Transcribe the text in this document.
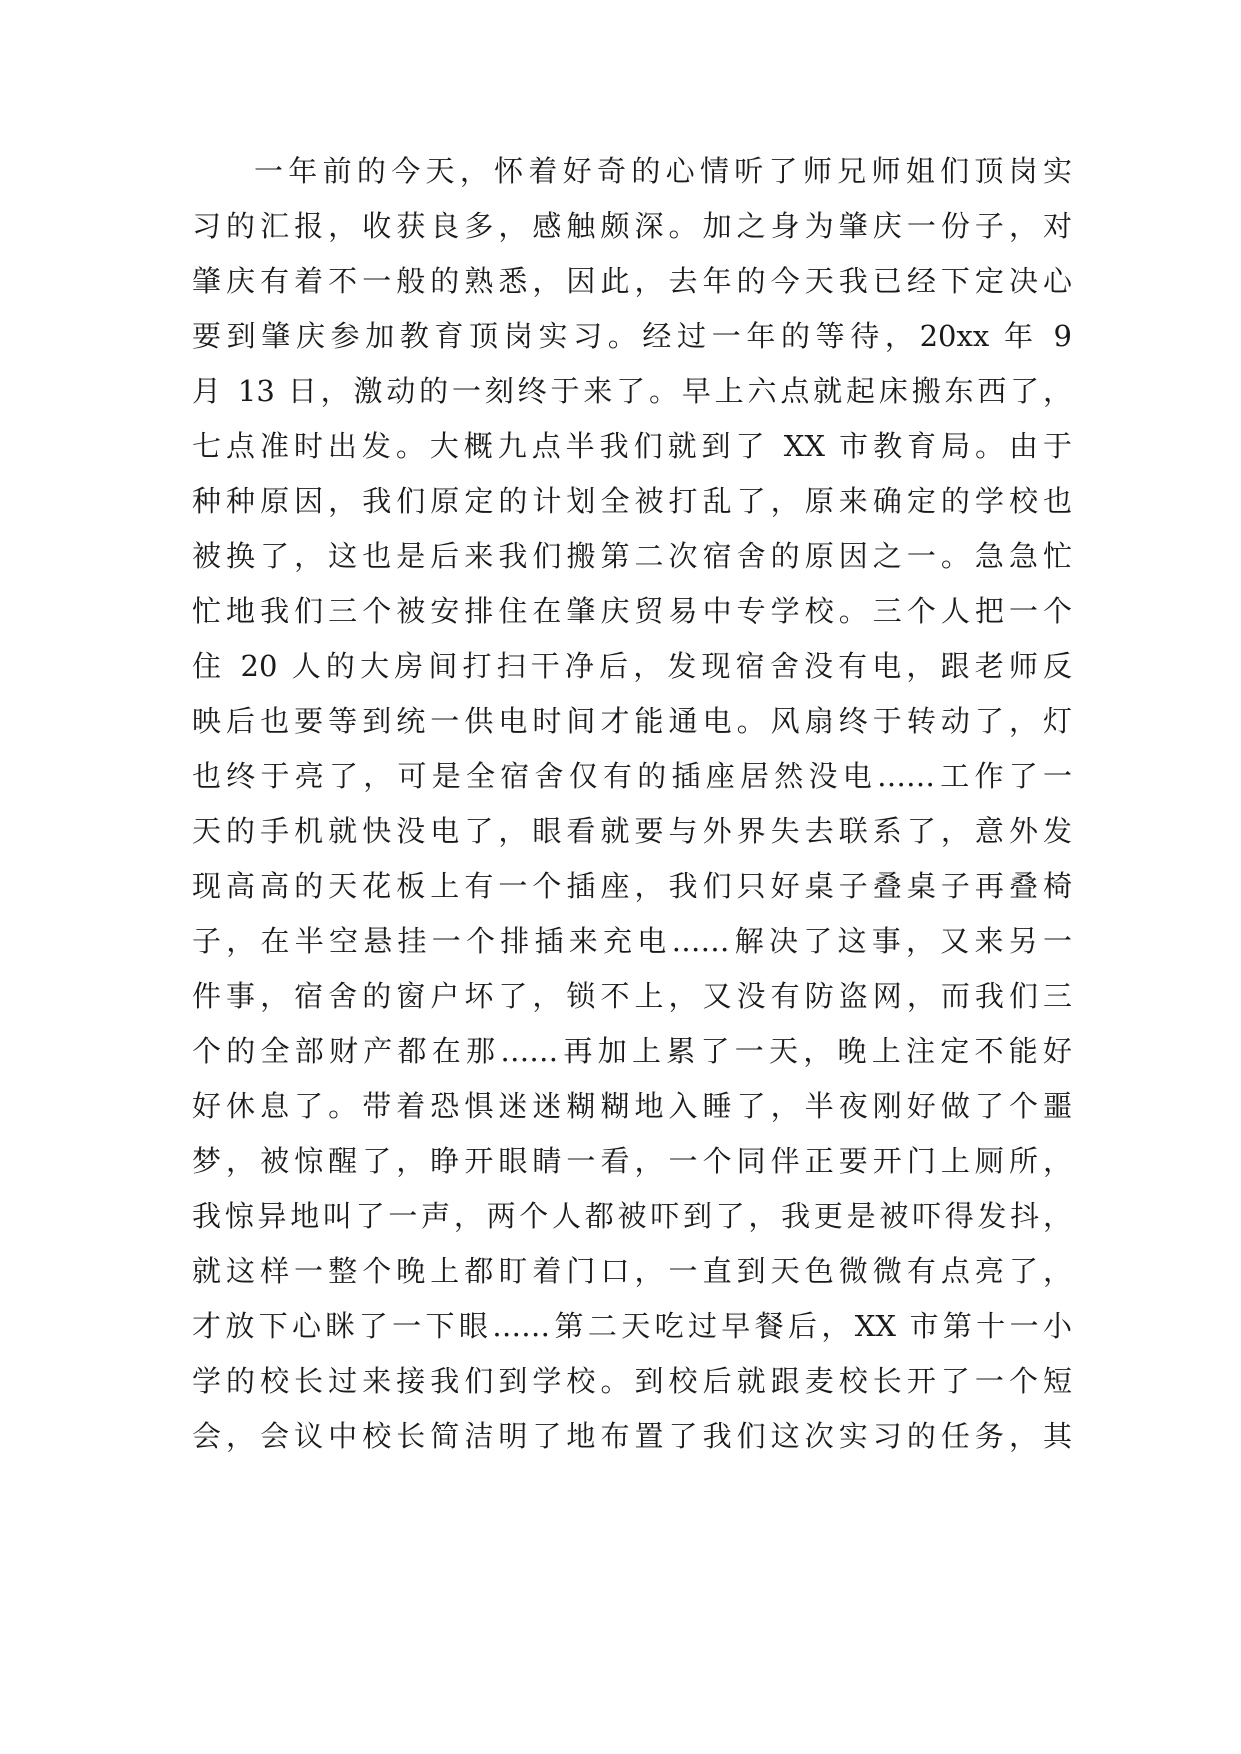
一年前的今天，怀着好奇的心情听了师兄师姐们顶岗实
习的汇报，收获良多，感触颇深。加之身为肇庆一份子，对
肇庆有着不一般的熟悉，因此，去年的今天我已经下定决心
要到肇庆参加教育顶岗实习。经过一年的等待，20xx 年 9
月 13 日，激动的一刻终于来了。早上六点就起床搬东西了，
七点准时出发。大概九点半我们就到了 XX 市教育局。由于
种种原因，我们原定的计划全被打乱了，原来确定的学校也
被换了，这也是后来我们搬第二次宿舍的原因之一。急急忙
忙地我们三个被安排住在肇庆贸易中专学校。三个人把一个
住 20 人的大房间打扫干净后，发现宿舍没有电，跟老师反
映后也要等到统一供电时间才能通电。风扇终于转动了，灯
也终于亮了，可是全宿舍仅有的插座居然没电……工作了一
天的手机就快没电了，眼看就要与外界失去联系了，意外发
现高高的天花板上有一个插座，我们只好桌子叠桌子再叠椅
子，在半空悬挂一个排插来充电……解决了这事，又来另一
件事，宿舍的窗户坏了，锁不上，又没有防盗网，而我们三
个的全部财产都在那……再加上累了一天，晚上注定不能好
好休息了。带着恐惧迷迷糊糊地入睡了，半夜刚好做了个噩
梦，被惊醒了，睁开眼睛一看，一个同伴正要开门上厕所，
我惊异地叫了一声，两个人都被吓到了，我更是被吓得发抖，
就这样一整个晚上都盯着门口，一直到天色微微有点亮了，
才放下心眯了一下眼……第二天吃过早餐后，XX 市第十一小
学的校长过来接我们到学校。到校后就跟麦校长开了一个短
会，会议中校长简洁明了地布置了我们这次实习的任务，其
